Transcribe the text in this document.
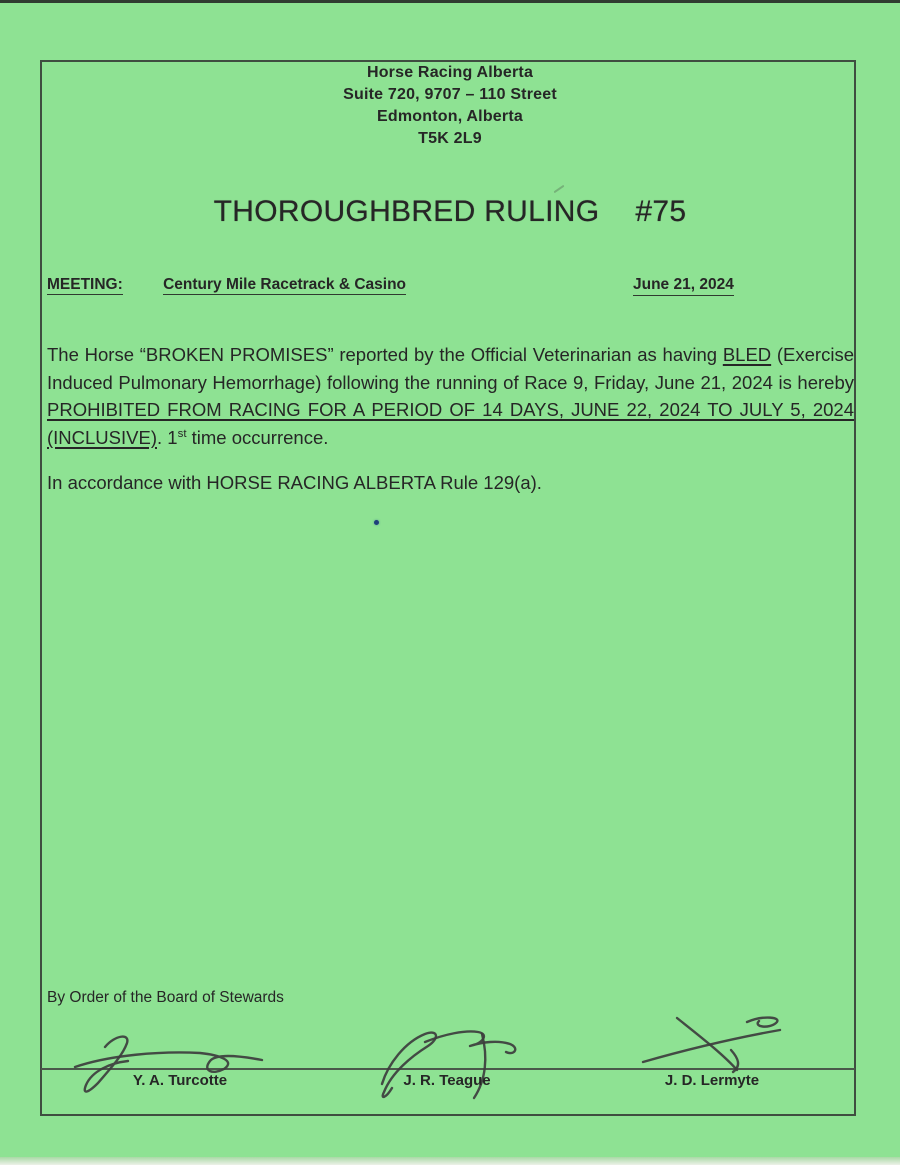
Horse Racing Alberta
Suite 720, 9707 – 110 Street
Edmonton, Alberta
T5K 2L9
THOROUGHBRED RULING #75
MEETING:	Century Mile Racetrack & Casino	June 21, 2024
The Horse “BROKEN PROMISES” reported by the Official Veterinarian as having BLED (Exercise
Induced Pulmonary Hemorrhage) following the running of Race 9, Friday, June 21, 2024 is hereby
PROHIBITED FROM RACING FOR A PERIOD OF 14 DAYS, JUNE 22, 2024 TO JULY 5, 2024
(INCLUSIVE). 1st time occurrence.
In accordance with HORSE RACING ALBERTA Rule 129(a).
By Order of the Board of Stewards
Y. A. Turcotte	J. R. Teague	J. D. Lermyte
